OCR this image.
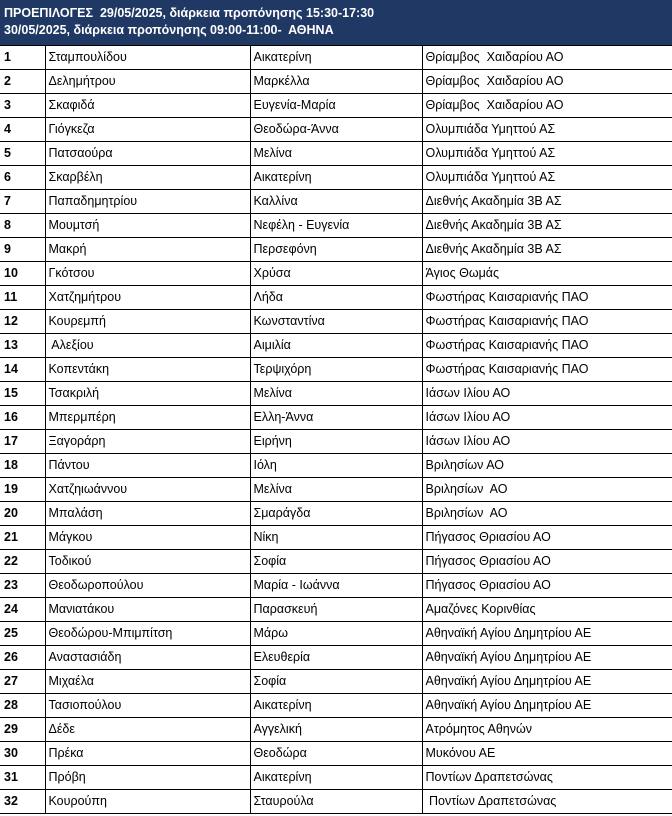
ΠΡΟΕΠΙΛΟΓΕΣ  29/05/2025, διάρκεια προπόνησης 15:30-17:30
30/05/2025, διάρκεια προπόνησης 09:00-11:00-  ΑΘΗΝΑ
1	Σταμπουλίδου	Αικατερίνη	Θρίαμβος  Χαιδαρίου ΑΟ
2	Δελημήτρου	Μαρκέλλα	Θρίαμβος  Χαιδαρίου ΑΟ
3	Σκαφιδά	Ευγενία-Μαρία	Θρίαμβος  Χαιδαρίου ΑΟ
4	Γιόγκεζα	Θεοδώρα-Άννα	Ολυμπιάδα Υμηττού ΑΣ
5	Πατσαούρα	Μελίνα	Ολυμπιάδα Υμηττού ΑΣ
6	Σκαρβέλη	Αικατερίνη	Ολυμπιάδα Υμηττού ΑΣ
7	Παπαδημητρίου	Καλλίνα	Διεθνής Ακαδημία 3Β ΑΣ
8	Μουμτσή	Νεφέλη - Ευγενία	Διεθνής Ακαδημία 3Β ΑΣ
9	Μακρή	Περσεφόνη	Διεθνής Ακαδημία 3Β ΑΣ
10	Γκότσου	Χρύσα	Άγιος Θωμάς
11	Χατζημήτρου	Λήδα	Φωστήρας Καισαριανής ΠΑΟ
12	Κουρεμπή	Κωνσταντίνα	Φωστήρας Καισαριανής ΠΑΟ
13	Αλεξίου	Αιμιλία	Φωστήρας Καισαριανής ΠΑΟ
14	Κοπεντάκη	Τερψιχόρη	Φωστήρας Καισαριανής ΠΑΟ
15	Τσακριλή	Μελίνα	Ιάσων Ιλίου ΑΟ
16	Μπερμπέρη	Ελλη-Άννα	Ιάσων Ιλίου ΑΟ
17	Ξαγοράρη	Ειρήνη	Ιάσων Ιλίου ΑΟ
18	Πάντου	Ιόλη	Βριλησίων ΑΟ
19	Χατζηιωάννου	Μελίνα	Βριλησίων  ΑΟ
20	Μπαλάση	Σμαράγδα	Βριλησίων  ΑΟ
21	Μάγκου	Νίκη	Πήγασος Θριασίου ΑΟ
22	Τοδικού	Σοφία	Πήγασος Θριασίου ΑΟ
23	Θεοδωροπούλου	Μαρία - Ιωάννα	Πήγασος Θριασίου ΑΟ
24	Μανιατάκου	Παρασκευή	Αμαζόνες Κορινθίας
25	Θεοδώρου-Μπιμπίτση	Μάρω	Αθηναϊκή Αγίου Δημητρίου ΑΕ
26	Αναστασιάδη	Ελευθερία	Αθηναϊκή Αγίου Δημητρίου ΑΕ
27	Μιχαέλα	Σοφία	Αθηναϊκή Αγίου Δημητρίου ΑΕ
28	Τασιοπούλου	Αικατερίνη	Αθηναϊκή Αγίου Δημητρίου ΑΕ
29	Δέδε	Αγγελική	Ατρόμητος Αθηνών
30	Πρέκα	Θεοδώρα	Μυκόνου ΑΕ
31	Πρόβη	Αικατερίνη	Ποντίων Δραπετσώνας
32	Κουρούπη	Σταυρούλα	Ποντίων Δραπετσώνας
